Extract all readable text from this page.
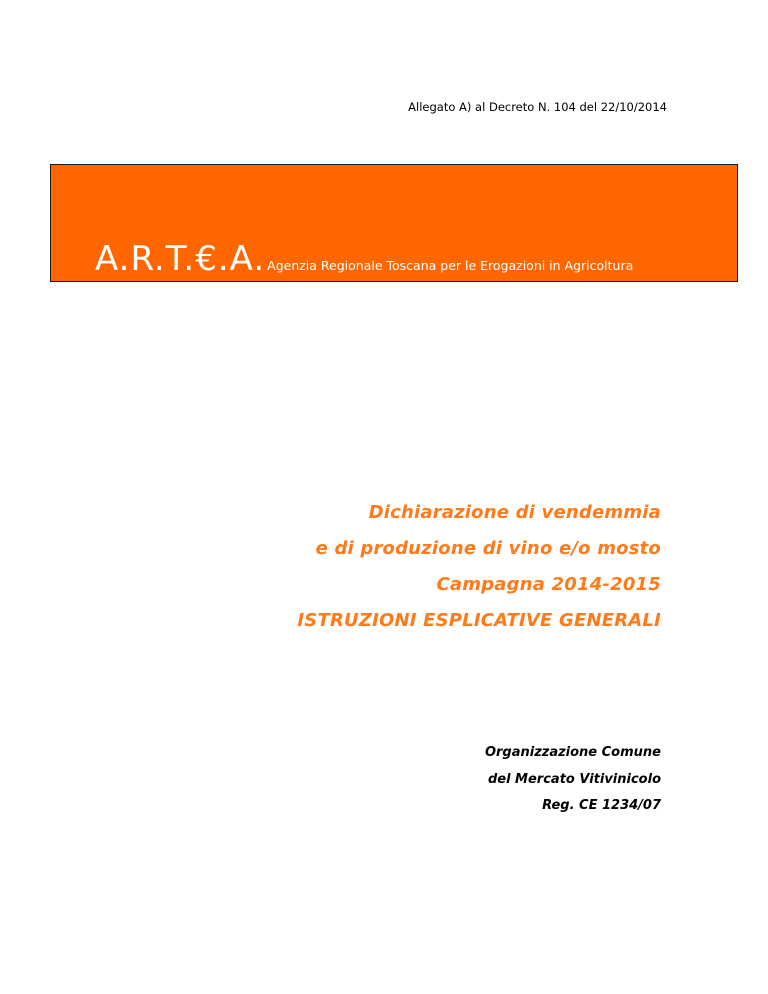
Allegato A) al Decreto N. 104 del 22/10/2014
A.R.T.€.A. Agenzia Regionale Toscana per le Erogazioni in Agricoltura
Dichiarazione di vendemmia
e di produzione di vino e/o mosto
Campagna 2014-2015
ISTRUZIONI ESPLICATIVE GENERALI
Organizzazione Comune
del Mercato Vitivinicolo
Reg. CE 1234/07
